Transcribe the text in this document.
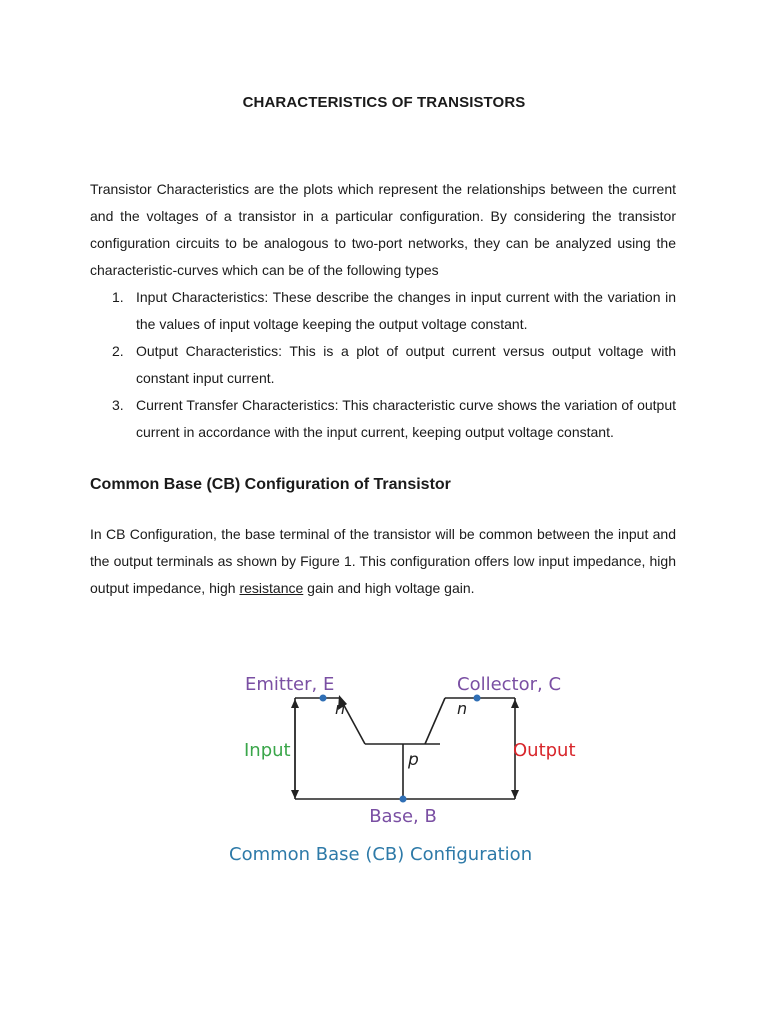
CHARACTERISTICS OF TRANSISTORS

Transistor Characteristics are the plots which represent the relationships between the current and the voltages of a transistor in a particular configuration. By considering the transistor configuration circuits to be analogous to two-port networks, they can be analyzed using the characteristic-curves which can be of the following types

1. Input Characteristics: These describe the changes in input current with the variation in the values of input voltage keeping the output voltage constant.
2. Output Characteristics: This is a plot of output current versus output voltage with constant input current.
3. Current Transfer Characteristics: This characteristic curve shows the variation of output current in accordance with the input current, keeping output voltage constant.
Common Base (CB) Configuration of Transistor

In CB Configuration, the base terminal of the transistor will be common between the input and the output terminals as shown by Figure 1. This configuration offers low input impedance, high output impedance, high resistance gain and high voltage gain.

Emitter, E	Collector, C
n	n
p
Input	Output
Base, B
Common Base (CB) Configuration
